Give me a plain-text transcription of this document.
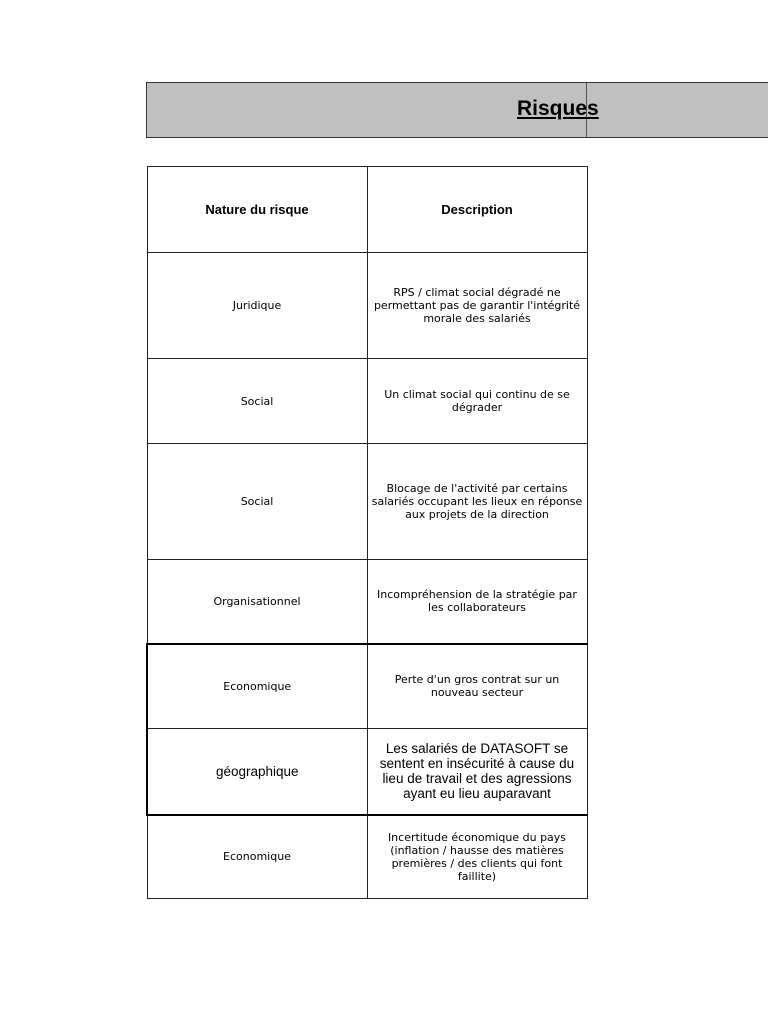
Risques
Nature du risque	Description
Juridique	RPS / climat social dégradé ne permettant pas de garantir l'intégrité morale des salariés
Social	Un climat social qui continu de se dégrader
Social	Blocage de l'activité par certains salariés occupant les lieux en réponse aux projets de la direction
Organisationnel	Incompréhension de la stratégie par les collaborateurs
Economique	Perte d'un gros contrat sur un nouveau secteur
géographique	Les salariés de DATASOFT se sentent en insécurité à cause du lieu de travail et des agressions ayant eu lieu auparavant
Economique	Incertitude économique du pays (inflation / hausse des matières premières / des clients qui font faillite)
